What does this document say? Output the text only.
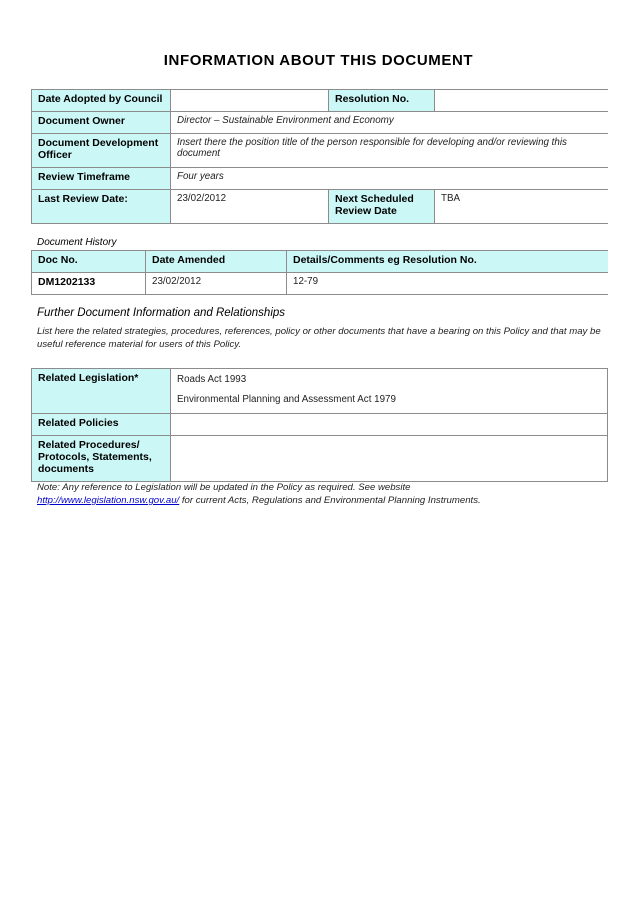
INFORMATION ABOUT THIS DOCUMENT
Date Adopted by Council		Resolution No.	
Document Owner	Director – Sustainable Environment and Economy		
Document Development Officer	Insert there the position title of the person responsible for developing and/or reviewing this document		
Review Timeframe	Four years		
Last Review Date:	23/02/2012	Next Scheduled Review Date	TBA
Document History
Doc No.	Date Amended	Details/Comments eg Resolution No.
DM1202133	23/02/2012	12-79
Further Document Information and Relationships
List here the related strategies, procedures, references, policy or other documents that have a bearing on this Policy and that may be useful reference material for users of this Policy.
Related Legislation*	Roads Act 1993
Environmental Planning and Assessment Act 1979

Related Policies	
Related Procedures/ Protocols, Statements, documents	
Note: Any reference to Legislation will be updated in the Policy as required. See website
http://www.legislation.nsw.gov.au/ for current Acts, Regulations and Environmental Planning Instruments.
